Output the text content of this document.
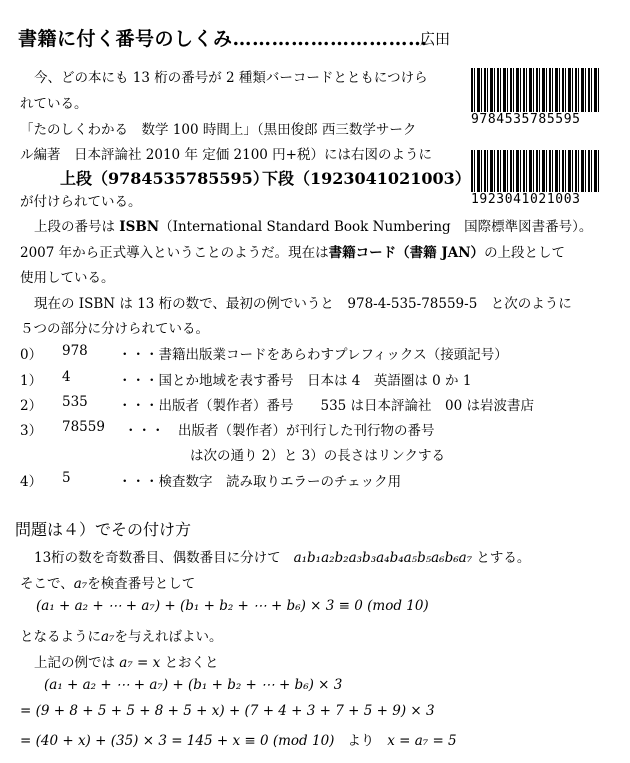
書籍に付く番号のしくみ…………………………
広田
9784535785595
1923041021003
今、どの本にも 13 桁の番号が 2 種類バーコードとともにつけら
れている。
「たのしくわかる　数学 100 時間上」（黒田俊郎 西三数学サーク
ル編著　日本評論社 2010 年 定価 2100 円+税）には右図のように
上段（9784535785595）
下段（1923041021003）
が付けられている。
上段の番号は ISBN（International Standard Book Numbering　国際標準図書番号）。
2007 年から正式導入ということのようだ。現在は書籍コード（書籍 JAN）の上段として
使用している。
現在の ISBN は 13 桁の数で、最初の例でいうと　978-4-535-78559-5　と次のように
５つの部分に分けられている。
0） 978 ・・・書籍出版業コードをあらわすプレフィックス（接頭記号）
1） 4	・・・国とか地域を表す番号　日本は 4　英語圏は 0 か 1
2） 535 ・・・出版者（製作者）番号　　535 は日本評論社　00 は岩波書店
3） 78559 ・・・　出版者（製作者）が刊行した刊行物の番号
は次の通り 2）と 3）の長さはリンクする
4） 5	・・・検査数字　読み取りエラーのチェック用
問題は４）でその付け方
13桁の数を奇数番目、偶数番目に分けて a₁b₁a₂b₂a₃b₃a₄b₄a₅b₅a₆b₆a₇ とする。
そこで、a₇を検査番号として
(a₁ + a₂ + ⋯ + a₇) + (b₁ + b₂ + ⋯ + b₆) × 3 ≡ 0 (mod 10)
となるようにa₇を与えればよい。
上記の例では a₇ = x とおくと
(a₁ + a₂ + ⋯ + a₇) + (b₁ + b₂ + ⋯ + b₆) × 3
= (9 + 8 + 5 + 5 + 8 + 5 + x) + (7 + 4 + 3 + 7 + 5 + 9) × 3
= (40 + x) + (35) × 3 = 145 + x ≡ 0 (mod 10) より x = a₇ = 5
